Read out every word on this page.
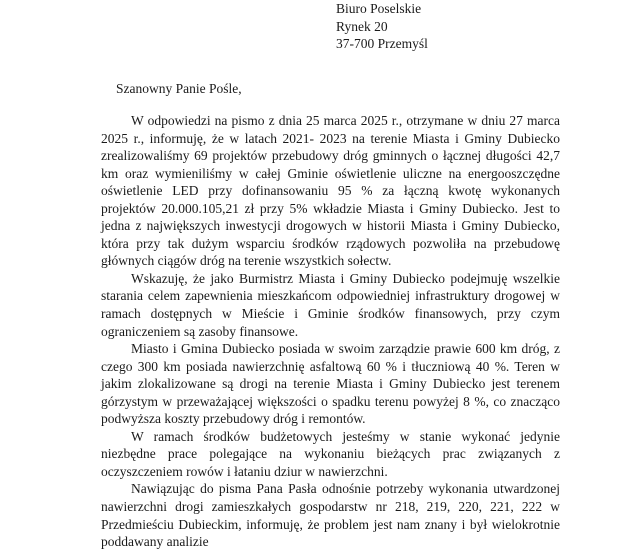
Biuro Poselskie
Rynek 20
37-700 Przemyśl
Szanowny Panie Pośle,

W odpowiedzi na pismo z dnia 25 marca 2025 r., otrzymane w dniu 27 marca 2025 r., informuję, że w latach 2021- 2023 na terenie Miasta i Gminy Dubiecko zrealizowaliśmy 69 projektów przebudowy dróg gminnych o łącznej długości 42,7 km oraz wymieniliśmy w całej Gminie oświetlenie uliczne na energooszczędne oświetlenie LED przy dofinansowaniu 95 % za łączną kwotę wykonanych projektów 20.000.105,21 zł przy 5% wkładzie Miasta i Gminy Dubiecko. Jest to jedna z największych inwestycji drogowych w historii Miasta i Gminy Dubiecko, która przy tak dużym wsparciu środków rządowych pozwoliła na przebudowę głównych ciągów dróg na terenie wszystkich sołectw.

Wskazuję, że jako Burmistrz Miasta i Gminy Dubiecko podejmuję wszelkie starania celem zapewnienia mieszkańcom odpowiedniej infrastruktury drogowej w ramach dostępnych w Mieście i Gminie środków finansowych, przy czym ograniczeniem są zasoby finansowe.

Miasto i Gmina Dubiecko posiada w swoim zarządzie prawie 600 km dróg, z czego 300 km posiada nawierzchnię asfaltową 60 % i tłuczniową 40 %. Teren w jakim zlokalizowane są drogi na terenie Miasta i Gminy Dubiecko jest terenem górzystym w przeważającej większości o spadku terenu powyżej 8 %, co znacząco podwyższa koszty przebudowy dróg i remontów.

W ramach środków budżetowych jesteśmy w stanie wykonać jedynie niezbędne prace polegające na wykonaniu bieżących prac związanych z oczyszczeniem rowów i łataniu dziur w nawierzchni.

Nawiązując do pisma Pana Pasła odnośnie potrzeby wykonania utwardzonej nawierzchni drogi zamieszkałych gospodarstw nr 218, 219, 220, 221, 222 w Przedmieściu Dubieckim, informuję, że problem jest nam znany i był wielokrotnie poddawany analizie
